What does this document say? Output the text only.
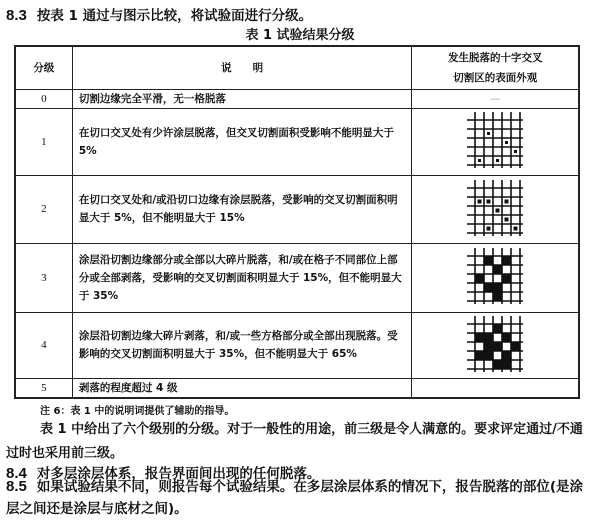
8.3 按表 1 通过与图示比较，将试验面进行分级。
表 1 试验结果分级
分级	说　　明	发生脱落的十字交叉
切割区的表面外观

0	切割边缘完全平滑，无一格脱落	—
1	在切口交叉处有少许涂层脱落，但交叉切割面积受影响不能明显大于 5%	
2	在切口交叉处和/或沿切口边缘有涂层脱落，受影响的交叉切割面积明显大于 5%，但不能明显大于 15%	
3	涂层沿切割边缘部分或全部以大碎片脱落，和/或在格子不同部位上部分或全部剥落，受影响的交叉切割面积明显大于 15%，但不能明显大于 35%	
4	涂层沿切割边缘大碎片剥落，和/或一些方格部分或全部出现脱落。受影响的交叉切割面积明显大于 35%，但不能明显大于 65%	
5	剥落的程度超过 4 级	
注 6：表 1 中的说明词提供了辅助的指导。
表 1 中给出了六个级别的分级。对于一般性的用途，前三级是令人满意的。要求评定通过/不通过时也采用前三级。
8.4 对多层涂层体系，报告界面间出现的任何脱落。
8.5 如果试验结果不同，则报告每个试验结果。在多层涂层体系的情况下，报告脱落的部位(是涂层之间还是涂层与底材之间)。
